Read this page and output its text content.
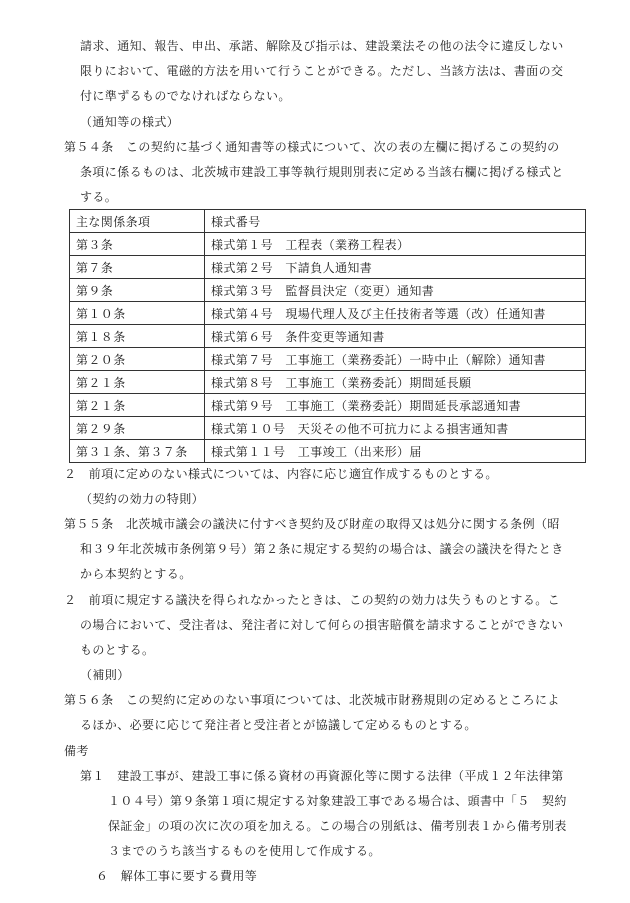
請求、通知、報告、申出、承諾、解除及び指示は、建設業法その他の法令に違反しない
限りにおいて、電磁的方法を用いて行うことができる。ただし、当該方法は、書面の交
付に準ずるものでなければならない。
（通知等の様式）
第５４条　この契約に基づく通知書等の様式について、次の表の左欄に掲げるこの契約の
条項に係るものは、北茨城市建設工事等執行規則別表に定める当該右欄に掲げる様式と
する。
主な関係条項	様式番号
第３条	様式第１号　工程表（業務工程表）
第７条	様式第２号　下請負人通知書
第９条	様式第３号　監督員決定（変更）通知書
第１０条	様式第４号　現場代理人及び主任技術者等選（改）任通知書
第１８条	様式第６号　条件変更等通知書
第２０条	様式第７号　工事施工（業務委託）一時中止（解除）通知書
第２１条	様式第８号　工事施工（業務委託）期間延長願
第２１条	様式第９号　工事施工（業務委託）期間延長承認通知書
第２９条	様式第１０号　天災その他不可抗力による損害通知書
第３１条、第３７条	様式第１１号　工事竣工（出来形）届
２　前項に定めのない様式については、内容に応じ適宜作成するものとする。
（契約の効力の特則）
第５５条　北茨城市議会の議決に付すべき契約及び財産の取得又は処分に関する条例（昭
和３９年北茨城市条例第９号）第２条に規定する契約の場合は、議会の議決を得たとき
から本契約とする。
２　前項に規定する議決を得られなかったときは、この契約の効力は失うものとする。こ
の場合において、受注者は、発注者に対して何らの損害賠償を請求することができない
ものとする。
（補則）
第５６条　この契約に定めのない事項については、北茨城市財務規則の定めるところによ
るほか、必要に応じて発注者と受注者とが協議して定めるものとする。
備考
第１　建設工事が、建設工事に係る資材の再資源化等に関する法律（平成１２年法律第
１０４号）第９条第１項に規定する対象建設工事である場合は、頭書中「５　契約
保証金」の項の次に次の項を加える。この場合の別紙は、備考別表１から備考別表
３までのうち該当するものを使用して作成する。
６　解体工事に要する費用等
